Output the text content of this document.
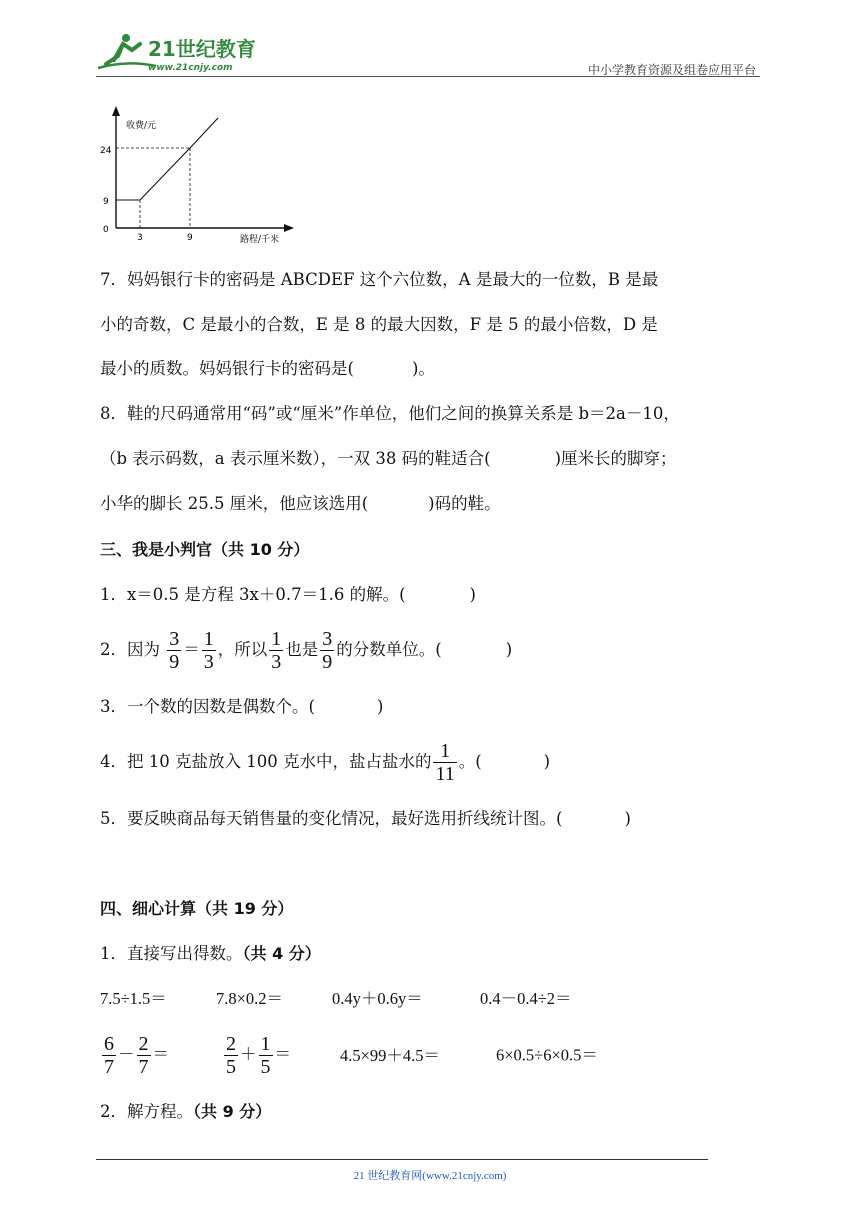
21世纪教育
www.21cnjy.com	中小学教育资源及组卷应用平台
收费/元
路程/千米
24
9
0
3	9
7．妈妈银行卡的密码是 ABCDEF 这个六位数，A 是最大的一位数，B 是最
小的奇数，C 是最小的合数，E 是 8 的最大因数，F 是 5 的最小倍数，D 是
最小的质数。妈妈银行卡的密码是(	)。
8．鞋的尺码通常用“码”或“厘米”作单位，他们之间的换算关系是 b＝2a－10，
（b 表示码数，a 表示厘米数），一双 38 码的鞋适合(	)厘米长的脚穿；
小华的脚长 25.5 厘米，他应该选用(	)码的鞋。
三、我是小判官（共 10 分）
1．x＝0.5 是方程 3x＋0.7＝1.6 的解。(	)
2．因为 $\frac{3}{9} = \frac{1}{3}$ ，所以 $\frac{1}{3}$ 也是 $\frac{3}{9}$ 的分数单位。(	)
3．一个数的因数是偶数个。(	)
4．把 10 克盐放入 100 克水中，盐占盐水的 $\frac{1}{11}$ 。(	)
5．要反映商品每天销售量的变化情况，最好选用折线统计图。(	)
四、细心计算（共 19 分）
1．直接写出得数。（共 4 分）
7.5÷1.5＝	7.8×0.2＝	0.4y＋0.6y＝	0.4－0.4÷2＝
$\frac{6}{7} - \frac{2}{7}$ ＝	$\frac{2}{5} + \frac{1}{5}$ ＝	4.5×99＋4.5＝	6×0.5÷6×0.5＝
2．解方程。（共 9 分）
21 世纪教育网(www.21cnjy.com)
